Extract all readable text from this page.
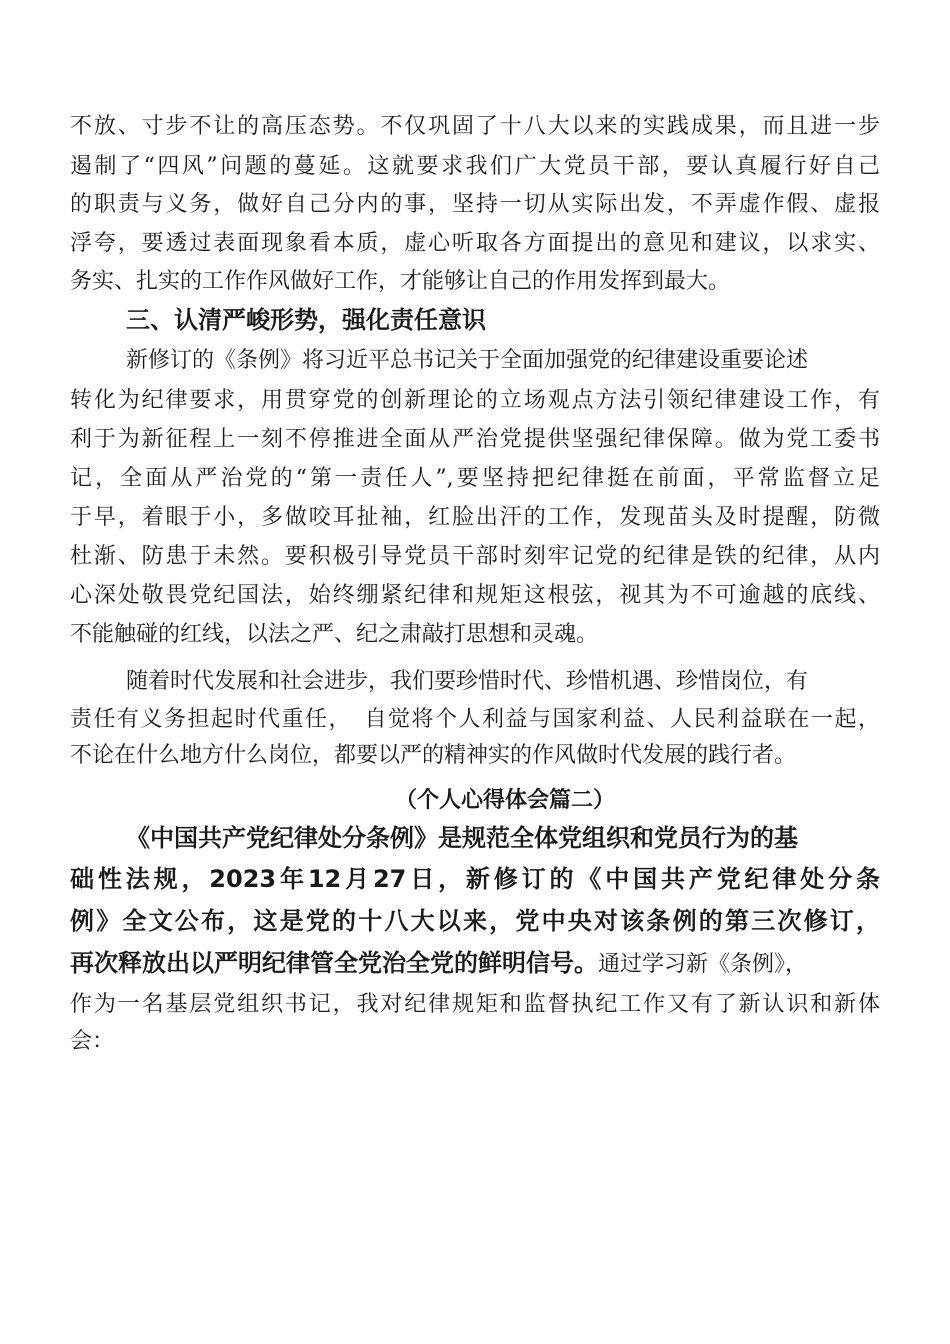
不放、寸步不让的高压态势。不仅巩固了十八大以来的实践成果，而且进一步
遏制了“四风”问题的蔓延。这就要求我们广大党员干部，要认真履行好自己
的职责与义务，做好自己分内的事，坚持一切从实际出发，不弄虚作假、虚报
浮夸，要透过表面现象看本质，虚心听取各方面提出的意见和建议，以求实、
务实、扎实的工作作风做好工作，才能够让自己的作用发挥到最大。
三、认清严峻形势，强化责任意识
新修订的《条例》将习近平总书记关于全面加强党的纪律建设重要论述
转化为纪律要求，用贯穿党的创新理论的立场观点方法引领纪律建设工作，有
利于为新征程上一刻不停推进全面从严治党提供坚强纪律保障。做为党工委书
记，全面从严治党的“第一责任人”,要坚持把纪律挺在前面，平常监督立足
于早，着眼于小，多做咬耳扯袖，红脸出汗的工作，发现苗头及时提醒，防微
杜渐、防患于未然。要积极引导党员干部时刻牢记党的纪律是铁的纪律，从内
心深处敬畏党纪国法，始终绷紧纪律和规矩这根弦，视其为不可逾越的底线、
不能触碰的红线，以法之严、纪之肃敲打思想和灵魂。
随着时代发展和社会进步，我们要珍惜时代、珍惜机遇、珍惜岗位，有
责任有义务担起时代重任，　自觉将个人利益与国家利益、人民利益联在一起，
不论在什么地方什么岗位，都要以严的精神实的作风做时代发展的践行者。
（个人心得体会篇二）
《中国共产党纪律处分条例》是规范全体党组织和党员行为的基
础性法规，2023年12月27日，新修订的《中国共产党纪律处分条
例》全文公布，这是党的十八大以来，党中央对该条例的第三次修订，
再次释放出以严明纪律管全党治全党的鲜明信号。通过学习新《条例》，
作为一名基层党组织书记，我对纪律规矩和监督执纪工作又有了新认识和新体
会：
